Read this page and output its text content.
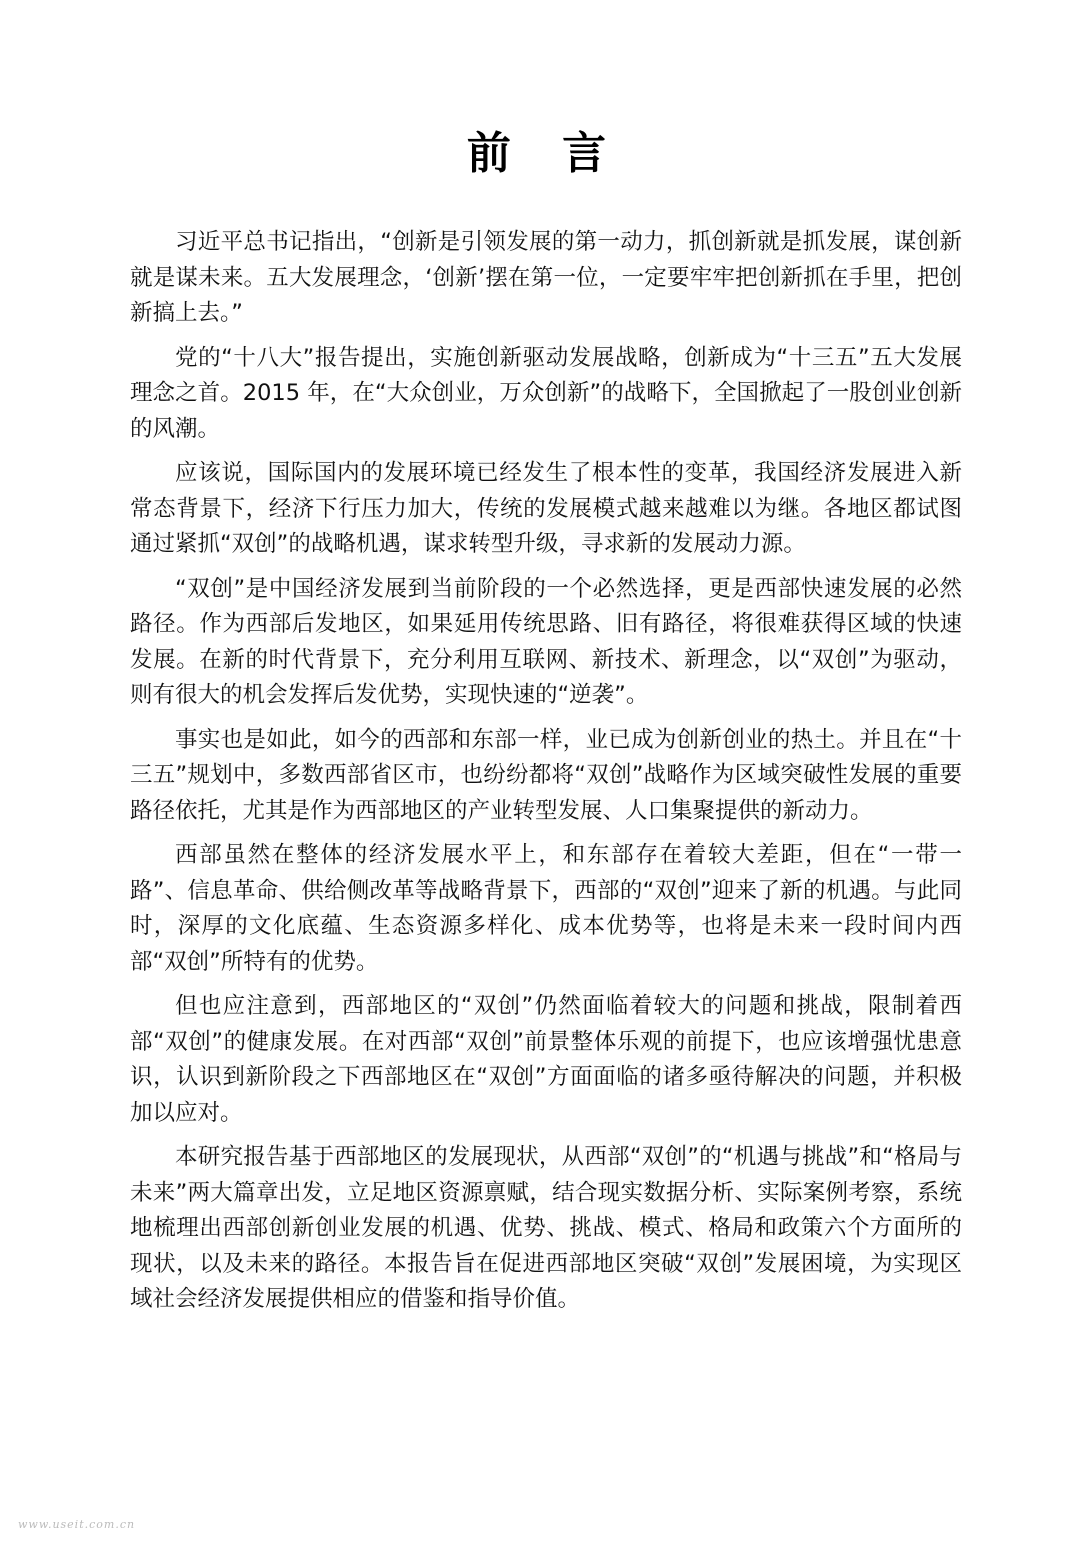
前 言

习近平总书记指出，“创新是引领发展的第一动力，抓创新就是抓发展，谋创新就是谋未来。五大发展理念，‘创新’摆在第一位，一定要牢牢把创新抓在手里，把创新搞上去。”

党的“十八大”报告提出，实施创新驱动发展战略，创新成为“十三五”五大发展理念之首。2015 年，在“大众创业，万众创新”的战略下，全国掀起了一股创业创新的风潮。

应该说，国际国内的发展环境已经发生了根本性的变革，我国经济发展进入新常态背景下，经济下行压力加大，传统的发展模式越来越难以为继。各地区都试图通过紧抓“双创”的战略机遇，谋求转型升级，寻求新的发展动力源。

“双创”是中国经济发展到当前阶段的一个必然选择，更是西部快速发展的必然路径。作为西部后发地区，如果延用传统思路、旧有路径，将很难获得区域的快速发展。在新的时代背景下，充分利用互联网、新技术、新理念，以“双创”为驱动，则有很大的机会发挥后发优势，实现快速的“逆袭”。

事实也是如此，如今的西部和东部一样，业已成为创新创业的热土。并且在“十三五”规划中，多数西部省区市，也纷纷都将“双创”战略作为区域突破性发展的重要路径依托，尤其是作为西部地区的产业转型发展、人口集聚提供的新动力。

西部虽然在整体的经济发展水平上，和东部存在着较大差距，但在“一带一路”、信息革命、供给侧改革等战略背景下，西部的“双创”迎来了新的机遇。与此同时，深厚的文化底蕴、生态资源多样化、成本优势等，也将是未来一段时间内西部“双创”所特有的优势。

但也应注意到，西部地区的“双创”仍然面临着较大的问题和挑战，限制着西部“双创”的健康发展。在对西部“双创”前景整体乐观的前提下，也应该增强忧患意识，认识到新阶段之下西部地区在“双创”方面面临的诸多亟待解决的问题，并积极加以应对。

本研究报告基于西部地区的发展现状，从西部“双创”的“机遇与挑战”和“格局与未来”两大篇章出发，立足地区资源禀赋，结合现实数据分析、实际案例考察，系统地梳理出西部创新创业发展的机遇、优势、挑战、模式、格局和政策六个方面所的现状，以及未来的路径。本报告旨在促进西部地区突破“双创”发展困境，为实现区域社会经济发展提供相应的借鉴和指导价值。

www.useit.com.cn
